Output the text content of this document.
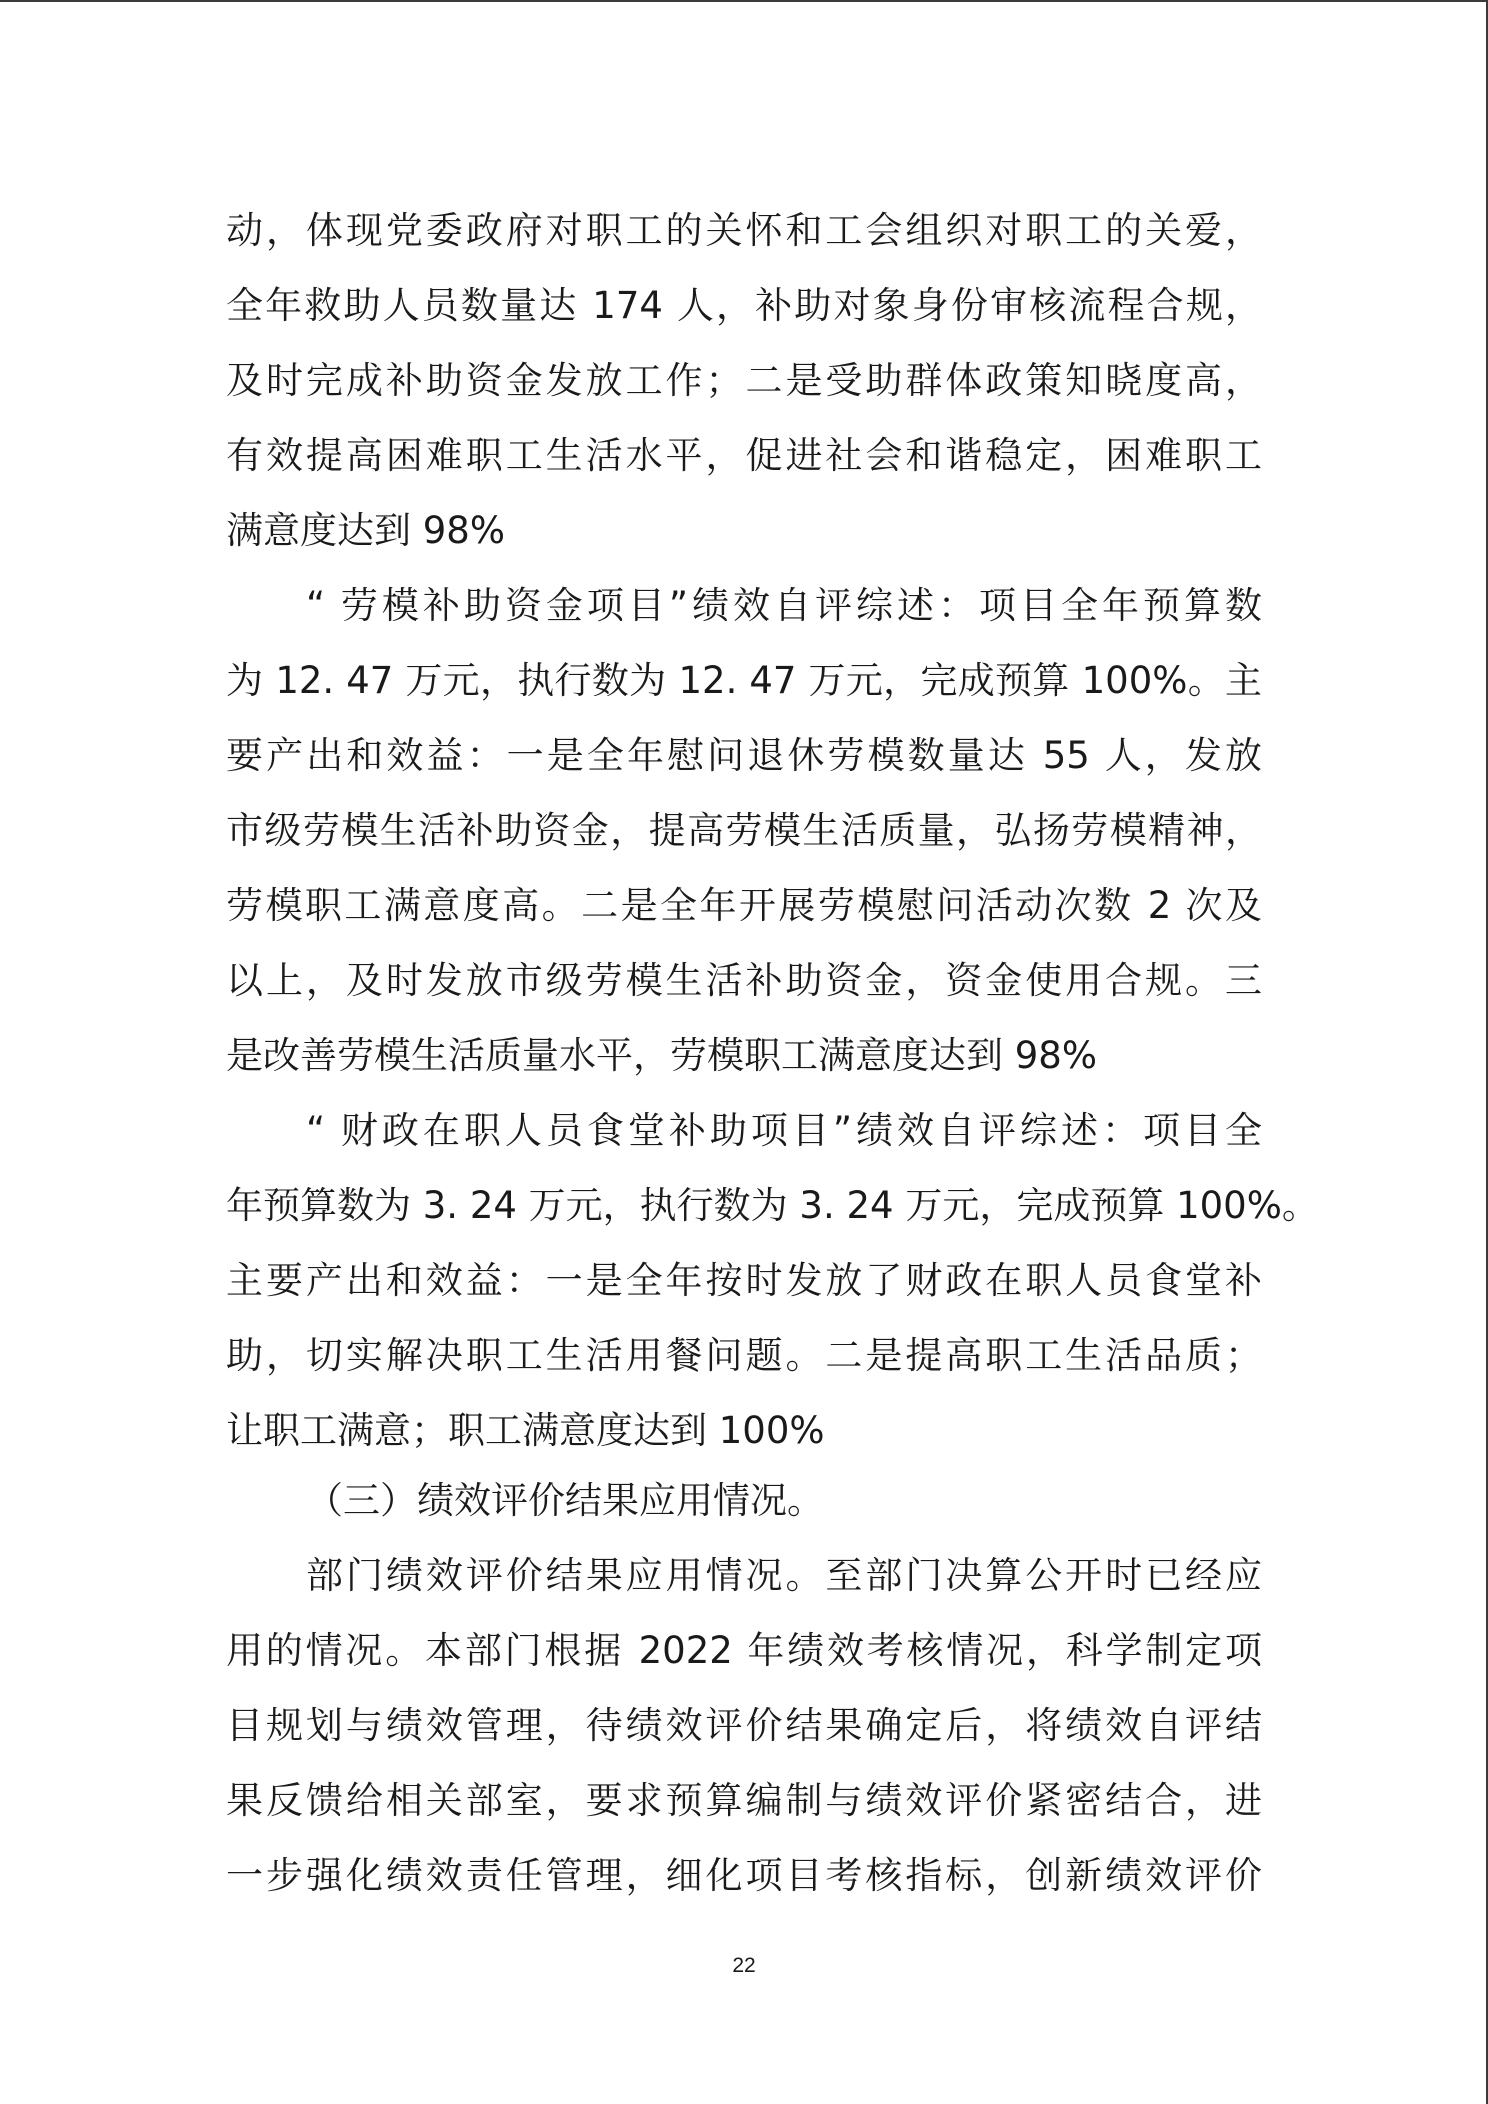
动，体现党委政府对职工的关怀和工会组织对职工的关爱，
全年救助人员数量达 174 人，补助对象身份审核流程合规，
及时完成补助资金发放工作；二是受助群体政策知晓度高，
有效提高困难职工生活水平，促进社会和谐稳定，困难职工
满意度达到 98%
“ 劳模补助资金项目”绩效自评综述：项目全年预算数
为 12. 47 万元，执行数为 12. 47 万元，完成预算 100%。主
要产出和效益：一是全年慰问退休劳模数量达 55 人，发放
市级劳模生活补助资金，提高劳模生活质量，弘扬劳模精神，
劳模职工满意度高。二是全年开展劳模慰问活动次数 2 次及
以上，及时发放市级劳模生活补助资金，资金使用合规。三
是改善劳模生活质量水平，劳模职工满意度达到 98%
“ 财政在职人员食堂补助项目”绩效自评综述：项目全
年预算数为 3. 24 万元，执行数为 3. 24 万元，完成预算 100%。
主要产出和效益：一是全年按时发放了财政在职人员食堂补
助，切实解决职工生活用餐问题。二是提高职工生活品质；
让职工满意；职工满意度达到 100%
（三）绩效评价结果应用情况。
部门绩效评价结果应用情况。至部门决算公开时已经应
用的情况。本部门根据 2022 年绩效考核情况，科学制定项
目规划与绩效管理，待绩效评价结果确定后，将绩效自评结
果反馈给相关部室，要求预算编制与绩效评价紧密结合，进
一步强化绩效责任管理，细化项目考核指标，创新绩效评价
22
